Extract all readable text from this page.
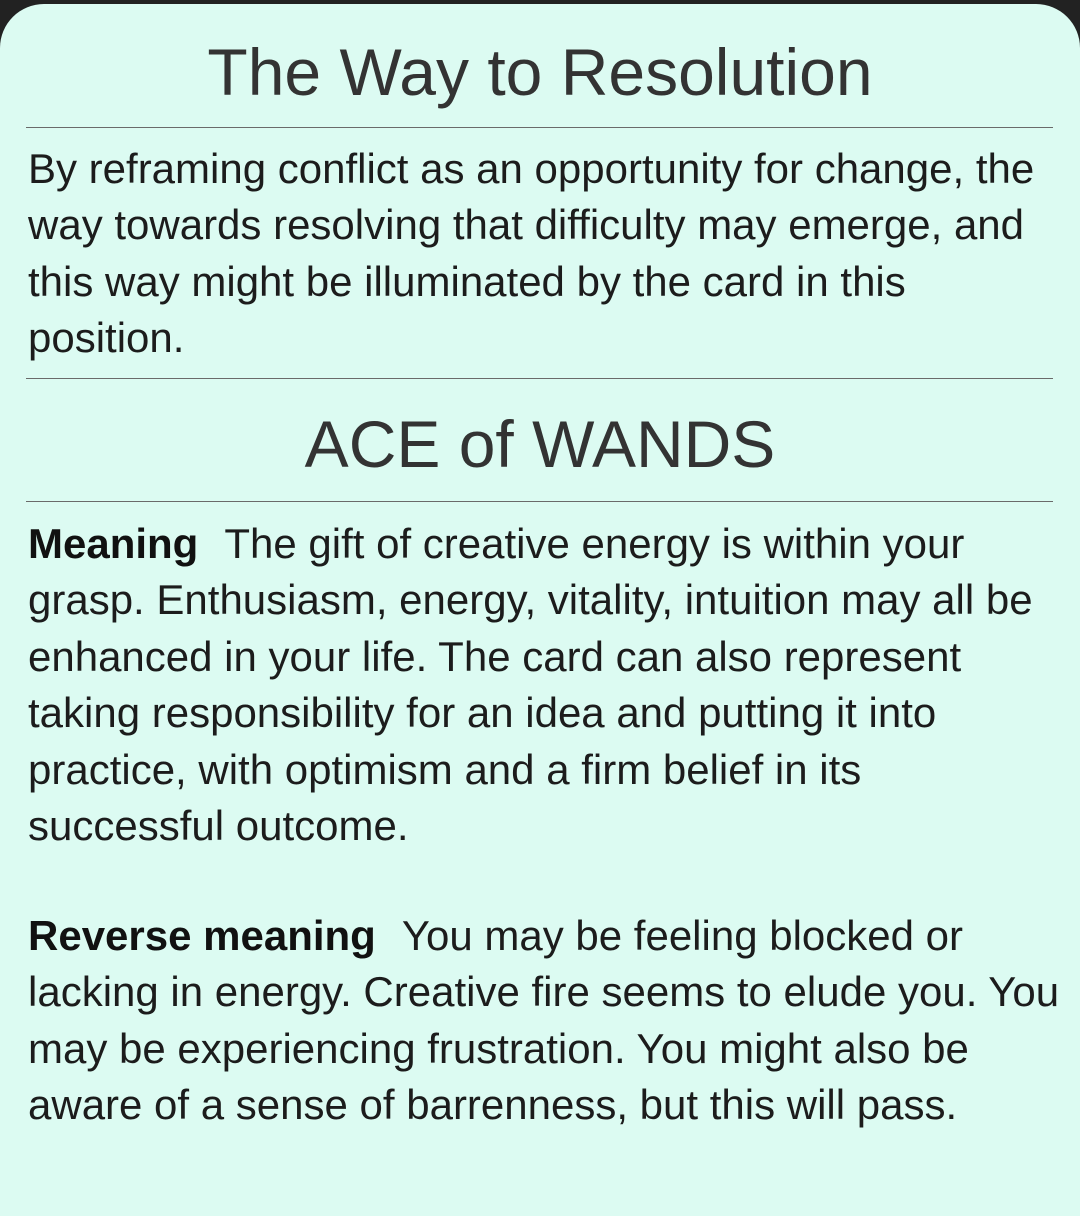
The Way to Resolution

By reframing conflict as an opportunity for change, the way towards resolving that difficulty may emerge, and this way might be illuminated by the card in this position.

ACE of WANDS

Meaning The gift of creative energy is within your grasp. Enthusiasm, energy, vitality, intuition may all be enhanced in your life. The card can also represent taking responsibility for an idea and putting it into practice, with optimism and a firm belief in its successful outcome.

Reverse meaning You may be feeling blocked or lacking in energy. Creative fire seems to elude you. You may be experiencing frustration. You might also be aware of a sense of barrenness, but this will pass.
